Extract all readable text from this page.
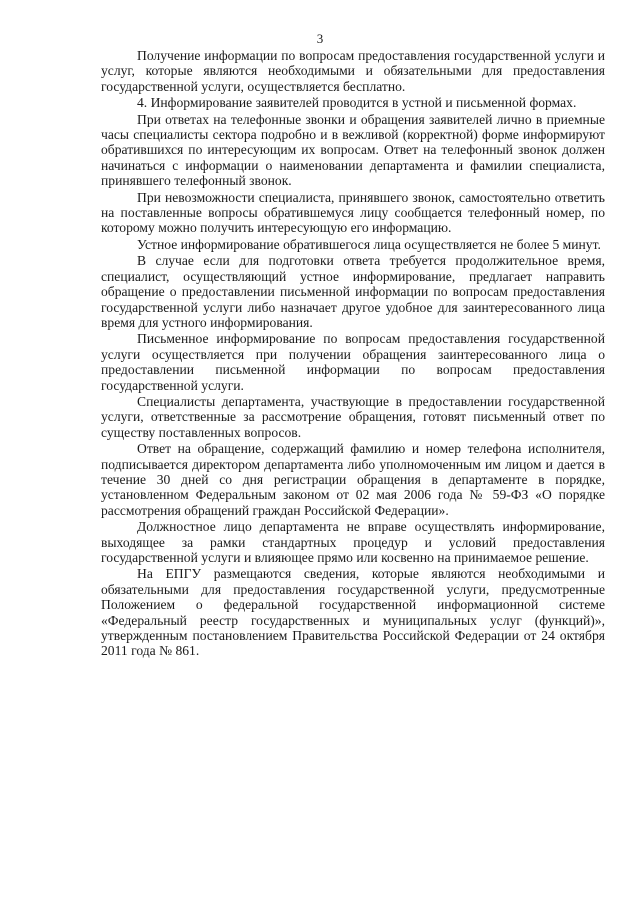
3

Получение информации по вопросам предоставления государственной услуги и услуг, которые являются необходимыми и обязательными для предоставления государственной услуги, осуществляется бесплатно.

4. Информирование заявителей проводится в устной и письменной формах.

При ответах на телефонные звонки и обращения заявителей лично в приемные часы специалисты сектора подробно и в вежливой (корректной) форме информируют обратившихся по интересующим их вопросам. Ответ на телефонный звонок должен начинаться с информации о наименовании департамента и фамилии специалиста, принявшего телефонный звонок.

При невозможности специалиста, принявшего звонок, самостоятельно ответить на поставленные вопросы обратившемуся лицу сообщается телефонный номер, по которому можно получить интересующую его информацию.

Устное информирование обратившегося лица осуществляется не более 5 минут.

В случае если для подготовки ответа требуется продолжительное время, специалист, осуществляющий устное информирование, предлагает направить обращение о предоставлении письменной информации по вопросам предоставления государственной услуги либо назначает другое удобное для заинтересованного лица время для устного информирования.

Письменное информирование по вопросам предоставления государственной услуги осуществляется при получении обращения заинтересованного лица о предоставлении письменной информации по вопросам предоставления государственной услуги.

Специалисты департамента, участвующие в предоставлении государственной услуги, ответственные за рассмотрение обращения, готовят письменный ответ по существу поставленных вопросов.

Ответ на обращение, содержащий фамилию и номер телефона исполнителя, подписывается директором департамента либо уполномоченным им лицом и дается в течение 30 дней со дня регистрации обращения в департаменте в порядке, установленном Федеральным законом от 02 мая 2006 года № 59-ФЗ «О порядке рассмотрения обращений граждан Российской Федерации».

Должностное лицо департамента не вправе осуществлять информирование, выходящее за рамки стандартных процедур и условий предоставления государственной услуги и влияющее прямо или косвенно на принимаемое решение.

На ЕПГУ размещаются сведения, которые являются необходимыми и обязательными для предоставления государственной услуги, предусмотренные Положением о федеральной государственной информационной системе «Федеральный реестр государственных и муниципальных услуг (функций)», утвержденным постановлением Правительства Российской Федерации от 24 октября 2011 года № 861.
